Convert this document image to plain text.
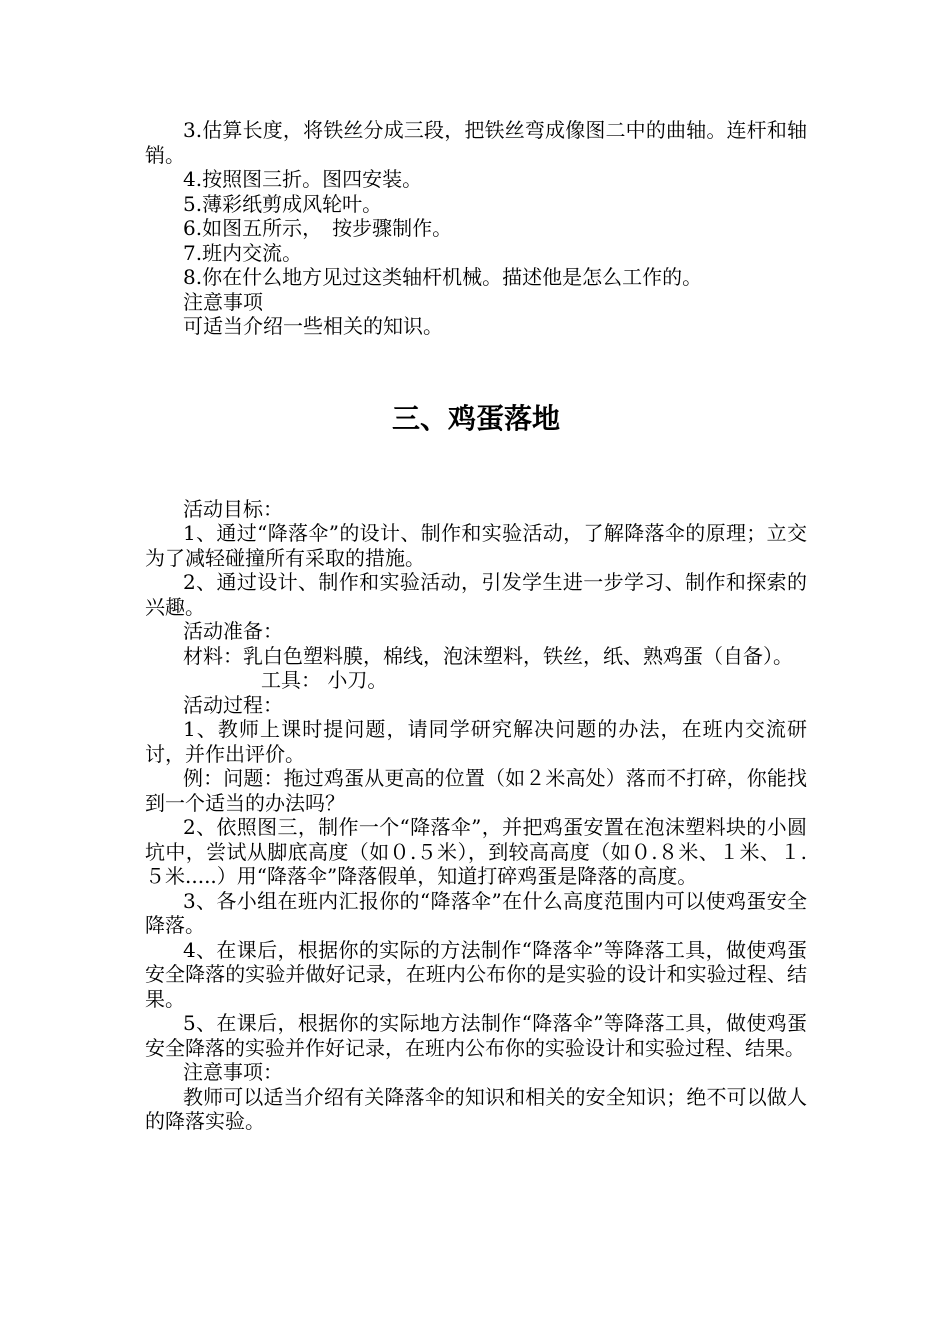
3.估算长度，将铁丝分成三段，把铁丝弯成像图二中的曲轴。连杆和轴销。

4.按照图三折。图四安装。

5.薄彩纸剪成风轮叶。

6.如图五所示，　按步骤制作。

7.班内交流。

8.你在什么地方见过这类轴杆机械。描述他是怎么工作的。

注意事项

可适当介绍一些相关的知识。

三、鸡蛋落地

活动目标：

1、通过“降落伞”的设计、制作和实验活动，了解降落伞的原理；立交为了减轻碰撞所有采取的措施。

2、通过设计、制作和实验活动，引发学生进一步学习、制作和探索的兴趣。

活动准备：

材料：乳白色塑料膜，棉线，泡沫塑料，铁丝，纸、熟鸡蛋（自备）。

工具： 小刀。

活动过程：

1、教师上课时提问题，请同学研究解决问题的办法，在班内交流研讨，并作出评价。

例：问题：拖过鸡蛋从更高的位置（如２米高处）落而不打碎，你能找到一个适当的办法吗？

2、依照图三，制作一个“降落伞”，并把鸡蛋安置在泡沫塑料块的小圆坑中，尝试从脚底高度（如０.５米），到较高高度（如０.８米、１米、１.５米.....）用“降落伞”降落假单，知道打碎鸡蛋是降落的高度。

3、各小组在班内汇报你的“降落伞”在什么高度范围内可以使鸡蛋安全降落。

4、在课后，根据你的实际的方法制作“降落伞”等降落工具，做使鸡蛋安全降落的实验并做好记录，在班内公布你的是实验的设计和实验过程、结果。

5、在课后，根据你的实际地方法制作“降落伞”等降落工具，做使鸡蛋安全降落的实验并作好记录，在班内公布你的实验设计和实验过程、结果。

注意事项：

教师可以适当介绍有关降落伞的知识和相关的安全知识；绝不可以做人的降落实验。
